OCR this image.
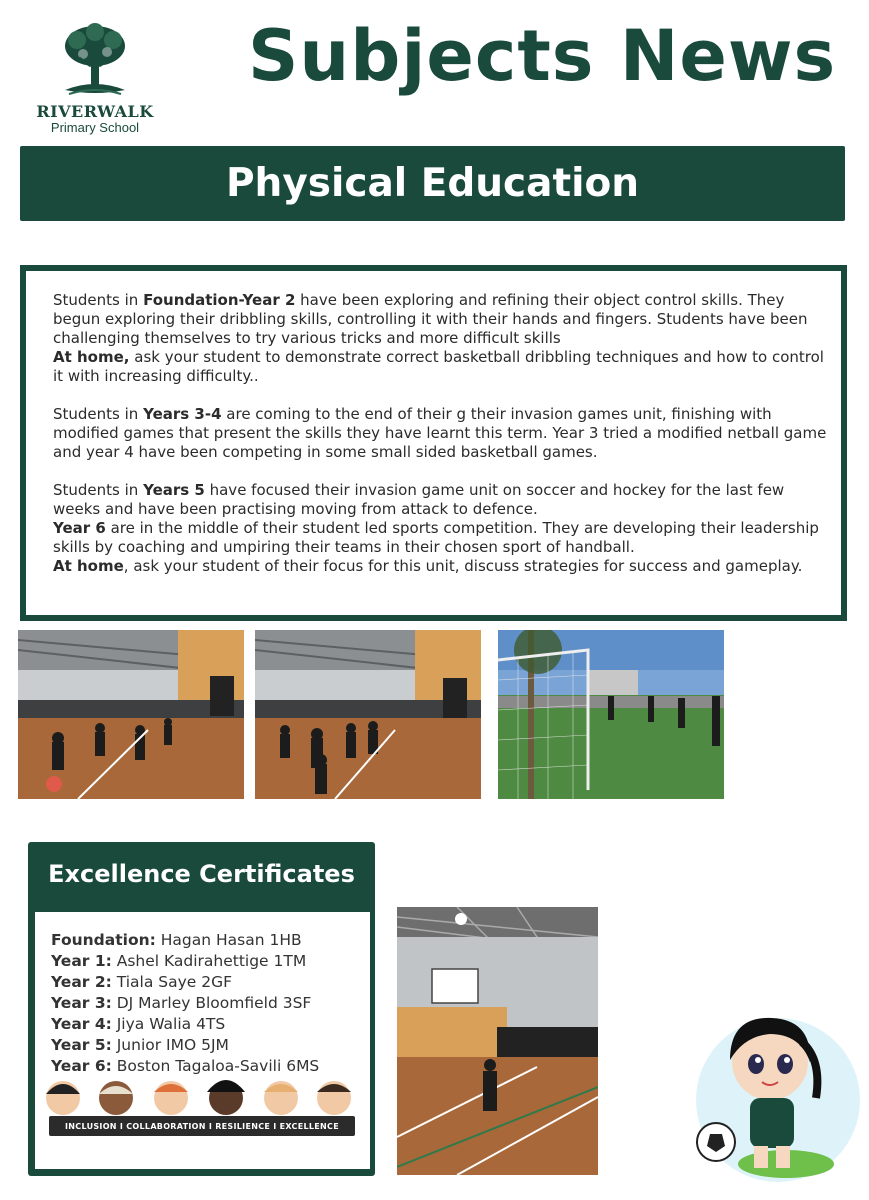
RIVERWALK
Primary School
Subjects News
Physical Education

Students in Foundation-Year 2 have been exploring and refining their object control skills. They begun exploring their dribbling skills, controlling it with their hands and fingers. Students have been challenging themselves to try various tricks and more difficult skills

At home, ask your student to demonstrate correct basketball dribbling techniques and how to control it with increasing difficulty..

Students in Years 3-4 are coming to the end of their g their invasion games unit, finishing with modified games that present the skills they have learnt this term. Year 3 tried a modified netball game and year 4 have been competing in some small sided basketball games.

Students in Years 5 have focused their invasion game unit on soccer and hockey for the last few weeks and have been practising moving from attack to defence.

Year 6 are in the middle of their student led sports competition. They are developing their leadership skills by coaching and umpiring their teams in their chosen sport of handball.

At home, ask your student of their focus for this unit, discuss strategies for success and gameplay.

Excellence Certificates
Foundation: Hagan Hasan 1HB
Year 1: Ashel Kadirahettige 1TM
Year 2: Tiala Saye 2GF
Year 3: DJ Marley Bloomfield 3SF
Year 4: Jiya Walia 4TS
Year 5: Junior IMO 5JM
Year 6: Boston Tagaloa-Savili 6MS
INCLUSION I COLLABORATION I RESILIENCE I EXCELLENCE
